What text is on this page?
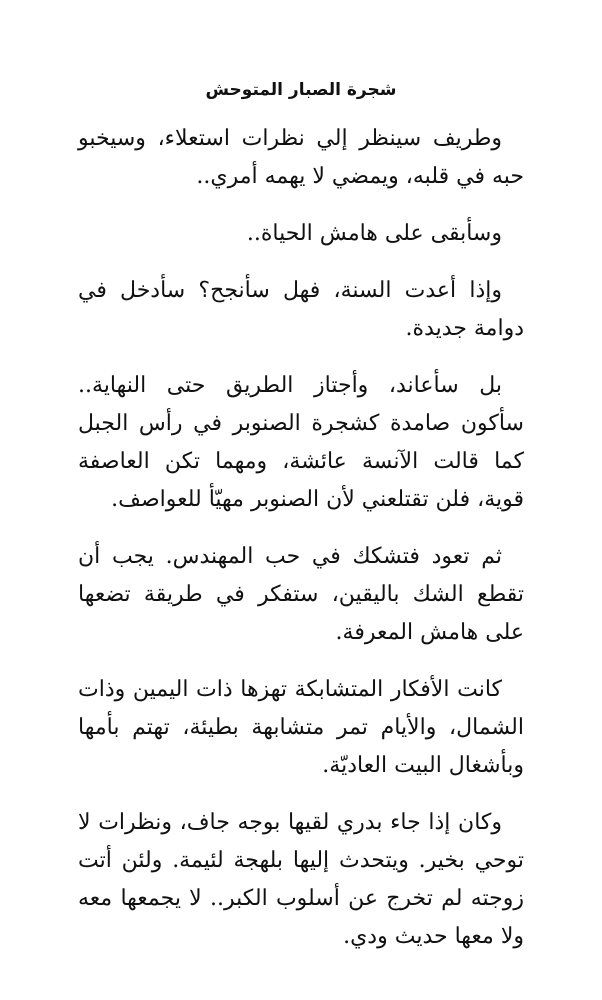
شجرة الصبار المتوحش

وطريف سينظر إلي نظرات استعلاء، وسيخبو حبه في قلبه، ويمضي لا يهمه أمري..

وسأبقى على هامش الحياة..

وإذا أعدت السنة، فهل سأنجح؟ سأدخل في دوامة جديدة.

بل سأعاند، وأجتاز الطريق حتى النهاية.. سأكون صامدة كشجرة الصنوبر في رأس الجبل كما قالت الآنسة عائشة، ومهما تكن العاصفة قوية، فلن تقتلعني لأن الصنوبر مهيّأ للعواصف.

ثم تعود فتشكك في حب المهندس. يجب أن تقطع الشك باليقين، ستفكر في طريقة تضعها على هامش المعرفة.

كانت الأفكار المتشابكة تهزها ذات اليمين وذات الشمال، والأيام تمر متشابهة بطيئة، تهتم بأمها وبأشغال البيت العاديّة.

وكان إذا جاء بدري لقيها بوجه جاف، ونظرات لا توحي بخير. ويتحدث إليها بلهجة لئيمة. ولئن أتت زوجته لم تخرج عن أسلوب الكبر.. لا يجمعها معه ولا معها حديث ودي.
